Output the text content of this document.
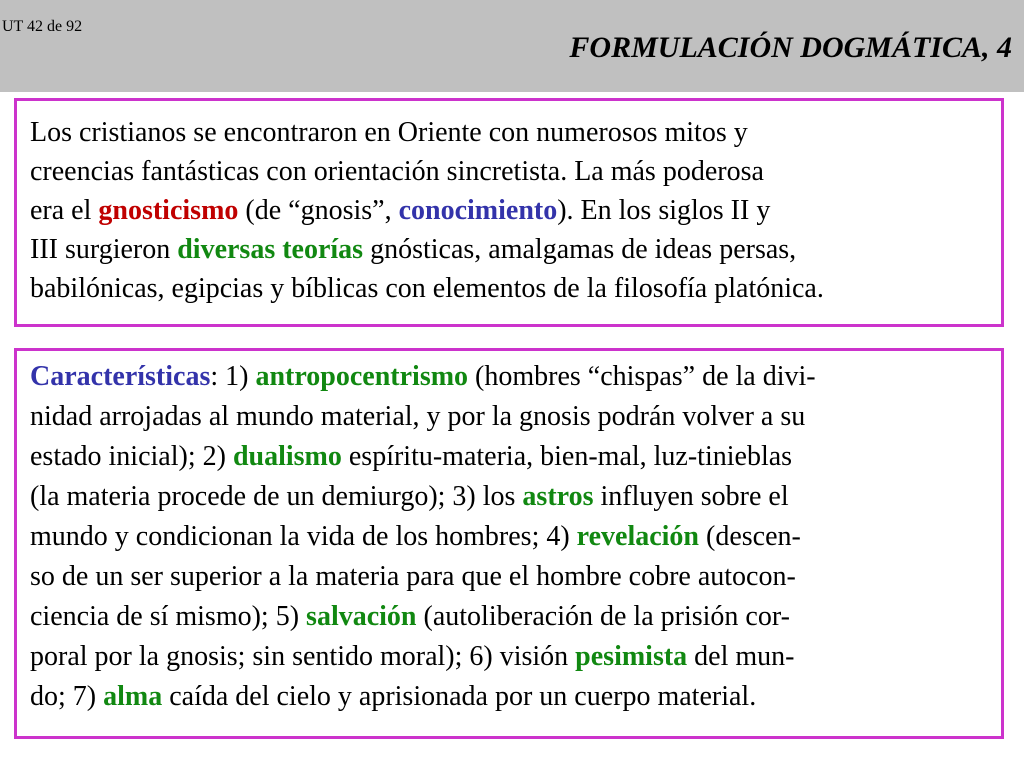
UT 42 de 92
FORMULACIÓN DOGMÁTICA, 4
Los cristianos se encontraron en Oriente con numerosos mitos y
creencias fantásticas con orientación sincretista. La más poderosa
era el gnosticismo (de “gnosis”, conocimiento). En los siglos II y
III surgieron diversas teorías gnósticas, amalgamas de ideas persas,
babilónicas, egipcias y bíblicas con elementos de la filosofía platónica.
Características: 1) antropocentrismo (hombres “chispas” de la divi-
nidad arrojadas al mundo material, y por la gnosis podrán volver a su
estado inicial); 2) dualismo espíritu-materia, bien-mal, luz-tinieblas
(la materia procede de un demiurgo); 3) los astros influyen sobre el
mundo y condicionan la vida de los hombres; 4) revelación (descen-
so de un ser superior a la materia para que el hombre cobre autocon-
ciencia de sí mismo); 5) salvación (autoliberación de la prisión cor-
poral por la gnosis; sin sentido moral); 6) visión pesimista del mun-
do; 7) alma caída del cielo y aprisionada por un cuerpo material.
